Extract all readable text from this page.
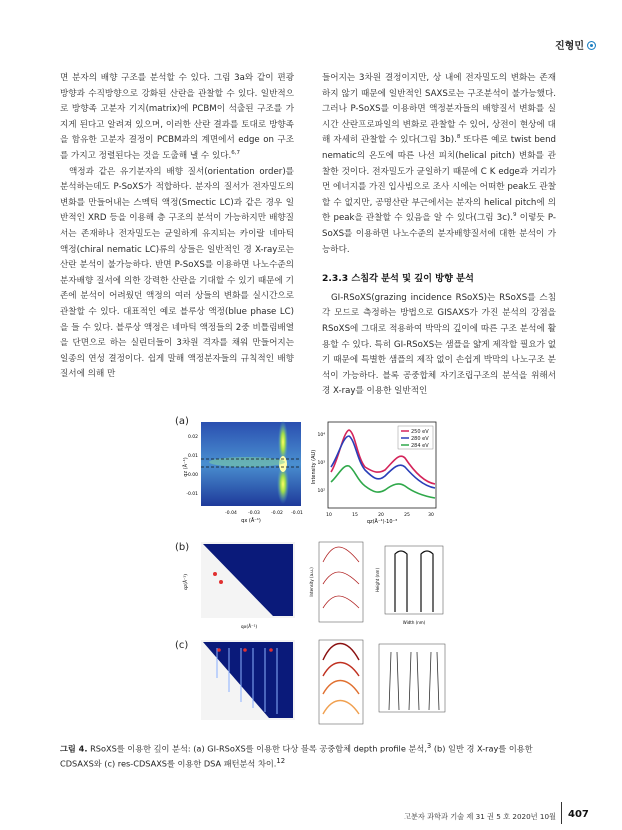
진형민

면 분자의 배향 구조를 분석할 수 있다. 그림 3a와 같이 편광 방향과 수직방향으로 강화된 산란을 관찰할 수 있다. 일반적으로 방향족 고분자 기지(matrix)에 PCBM이 석출된 구조를 가지게 된다고 알려져 있으며, 이러한 산란 결과를 토대로 방향족을 함유한 고분자 결정이 PCBM과의 계면에서 edge on 구조를 가지고 정렬된다는 것을 도출해 낼 수 있다.$^{6,7}$

액정과 같은 유기분자의 배향 질서(orientation order)를 분석하는데도 P-SoXS가 적합하다. 분자의 질서가 전자밀도의 변화를 만들어내는 스멕틱 액정(Smectic LC)과 같은 경우 일반적인 XRD 등을 이용해 층 구조의 분석이 가능하지만 배향질서는 존재하나 전자밀도는 균일하게 유지되는 카이랄 네마틱 액정(chiral nematic LC)류의 상들은 일반적인 경 X-ray로는 산란 분석이 불가능하다. 반면 P-SoXS를 이용하면 나노수준의 분자배향 질서에 의한 강력한 산란을 기대할 수 있기 때문에 기존에 분석이 어려웠던 액정의 여러 상들의 변화를 실시간으로 관찰할 수 있다. 대표적인 예로 블루상 액정(blue phase LC)을 들 수 있다. 블루상 액정은 네마틱 액정들의 2중 비틀림배열을 단면으로 하는 실린더들이 3차원 격자를 채워 만들어지는 일종의 연성 결정이다. 쉽게 말해 액정분자들의 규칙적인 배향질서에 의해 만

들어지는 3차원 결정이지만, 상 내에 전자밀도의 변화는 존재하지 않기 때문에 일반적인 SAXS로는 구조분석이 불가능했다. 그러나 P-SoXS를 이용하면 액정분자들의 배향질서 변화를 실시간 산란프로파일의 변화로 관찰할 수 있어, 상전이 현상에 대해 자세히 관찰할 수 있다(그림 3b).$^8$ 또다른 예로 twist bend nematic의 온도에 따른 나선 피치(helical pitch) 변화를 관찰한 것이다. 전자밀도가 균일하기 때문에 C K edge과 거리가 먼 에너지를 가진 입사빔으로 조사 시에는 어떠한 peak도 관찰할 수 없지만, 공명산란 부근에서는 분자의 helical pitch에 의한 peak을 관찰할 수 있음을 알 수 있다(그림 3c).$^9$ 이렇듯 P-SoXS를 이용하면 나노수준의 분자배향질서에 대한 분석이 가능하다.

2.3.3 스침각 분석 및 깊이 방향 분석

GI-RSoXS(grazing incidence RSoXS)는 RSoXS를 스침각 모드로 측정하는 방법으로 GISAXS가 가진 분석의 강점을 RSoXS에 그대로 적용하여 박막의 깊이에 따른 구조 분석에 활용할 수 있다. 특히 GI-RSoXS는 샘플을 얇게 제작할 필요가 없기 때문에 특별한 샘플의 제작 없이 손쉽게 박막의 나노구조 분석이 가능하다. 블록 공중합체 자기조립구조의 분석을 위해서 경 X-ray를 이용한 일반적인

(a)
qz (Å⁻¹)
0.02
0.01
0.00
-0.01
-0.04	-0.03	-0.02 -0.01
qx (Å⁻¹)
Intensity (AU)
10⁴
10³
10²
10	15	20	25	30
qz(Å⁻¹)·10⁻³
250 eV
280 eV
284 eV
(b)
qz(Å⁻¹)
qx(Å⁻¹)
Intensity (a.u.)	Height (nm)
Width (nm)
(c)
그림 4. RSoXS를 이용한 깊이 분석: (a) GI-RSoXS를 이용한 다상 블록 공중합체 depth profile 분석,$^3$ (b) 일반 경 X-ray를 이용한 CDSAXS와 (c) res-CDSAXS를 이용한 DSA 패턴분석 차이.$^{12}$
고분자 과학과 기술 제 31 권 5 호 2020년 10월 407
